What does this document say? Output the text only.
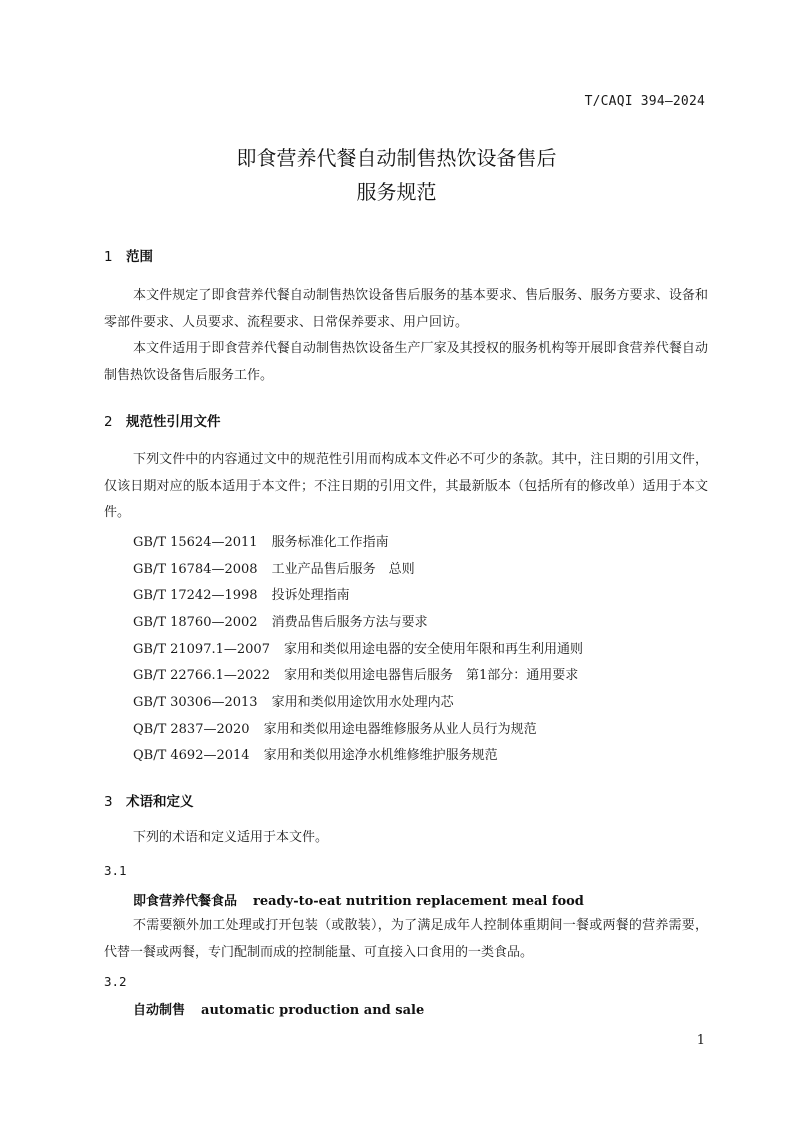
T/CAQI 394—2024
即食营养代餐自动制售热饮设备售后
服务规范
1 范围
本文件规定了即食营养代餐自动制售热饮设备售后服务的基本要求、售后服务、服务方要求、设备和零部件要求、人员要求、流程要求、日常保养要求、用户回访。
本文件适用于即食营养代餐自动制售热饮设备生产厂家及其授权的服务机构等开展即食营养代餐自动制售热饮设备售后服务工作。
2 规范性引用文件
下列文件中的内容通过文中的规范性引用而构成本文件必不可少的条款。其中，注日期的引用文件，仅该日期对应的版本适用于本文件；不注日期的引用文件，其最新版本（包括所有的修改单）适用于本文件。
GB/T 15624—2011 服务标准化工作指南
GB/T 16784—2008 工业产品售后服务　总则
GB/T 17242—1998 投诉处理指南
GB/T 18760—2002 消费品售后服务方法与要求
GB/T 21097.1—2007 家用和类似用途电器的安全使用年限和再生利用通则
GB/T 22766.1—2022 家用和类似用途电器售后服务　第1部分：通用要求
GB/T 30306—2013 家用和类似用途饮用水处理内芯
QB/T 2837—2020 家用和类似用途电器维修服务从业人员行为规范
QB/T 4692—2014 家用和类似用途净水机维修维护服务规范
3 术语和定义
下列的术语和定义适用于本文件。
3.1
即食营养代餐食品 ready-to-eat nutrition replacement meal food
不需要额外加工处理或打开包装（或散装），为了满足成年人控制体重期间一餐或两餐的营养需要，代替一餐或两餐，专门配制而成的控制能量、可直接入口食用的一类食品。
3.2
自动制售 automatic production and sale
1
